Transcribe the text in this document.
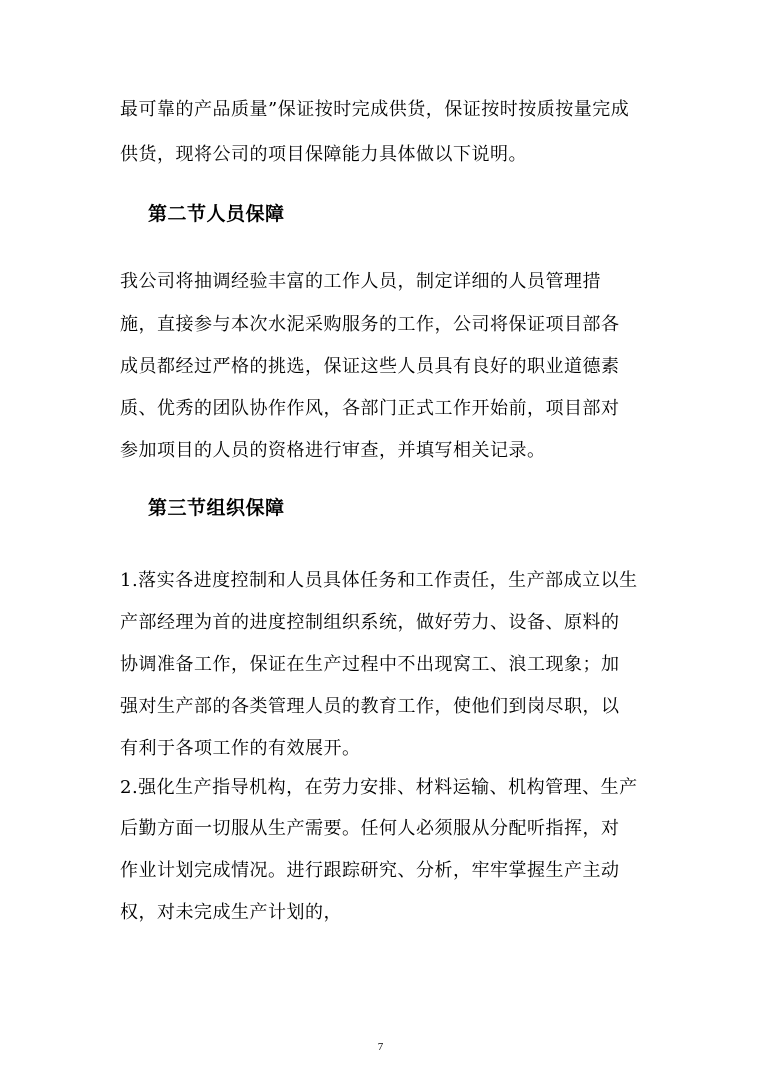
最可靠的产品质量”保证按时完成供货，保证按时按质按量完成

供货，现将公司的项目保障能力具体做以下说明。

第二节人员保障

我公司将抽调经验丰富的工作人员，制定详细的人员管理措

施，直接参与本次水泥采购服务的工作，公司将保证项目部各

成员都经过严格的挑选，保证这些人员具有良好的职业道德素

质、优秀的团队协作作风，各部门正式工作开始前，项目部对

参加项目的人员的资格进行审查，并填写相关记录。

第三节组织保障

1.落实各进度控制和人员具体任务和工作责任，生产部成立以生

产部经理为首的进度控制组织系统，做好劳力、设备、原料的

协调准备工作，保证在生产过程中不出现窝工、浪工现象；加

强对生产部的各类管理人员的教育工作，使他们到岗尽职，以

有利于各项工作的有效展开。

2.强化生产指导机构，在劳力安排、材料运输、机构管理、生产

后勤方面一切服从生产需要。任何人必须服从分配听指挥，对

作业计划完成情况。进行跟踪研究、分析，牢牢掌握生产主动

权，对未完成生产计划的，

7
